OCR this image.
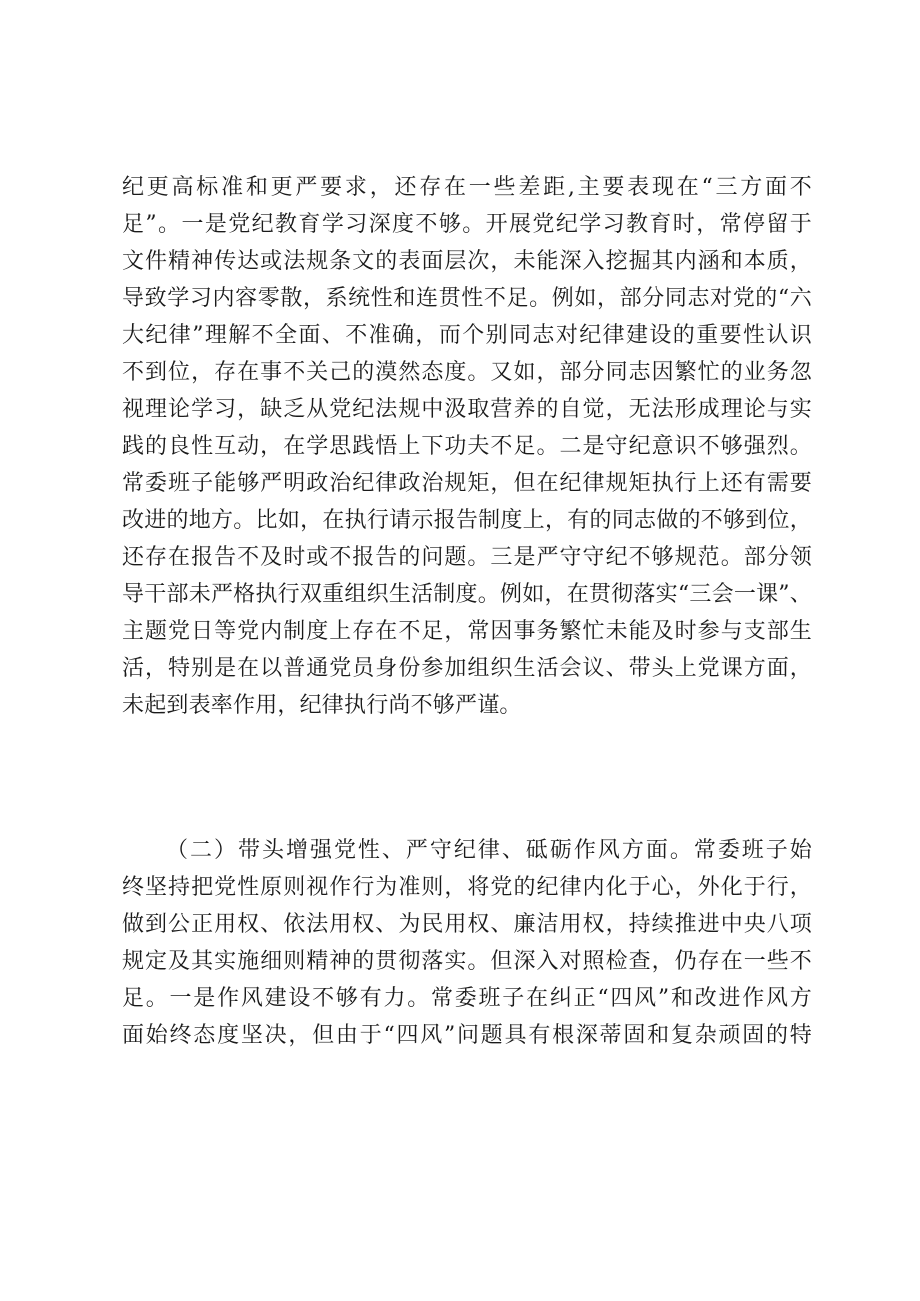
纪更高标准和更严要求，还存在一些差距,主要表现在“三方面不
足”。一是党纪教育学习深度不够。开展党纪学习教育时，常停留于
文件精神传达或法规条文的表面层次，未能深入挖掘其内涵和本质，
导致学习内容零散，系统性和连贯性不足。例如，部分同志对党的“六
大纪律”理解不全面、不准确，而个别同志对纪律建设的重要性认识
不到位，存在事不关己的漠然态度。又如，部分同志因繁忙的业务忽
视理论学习，缺乏从党纪法规中汲取营养的自觉，无法形成理论与实
践的良性互动，在学思践悟上下功夫不足。二是守纪意识不够强烈。
常委班子能够严明政治纪律政治规矩，但在纪律规矩执行上还有需要
改进的地方。比如，在执行请示报告制度上，有的同志做的不够到位，
还存在报告不及时或不报告的问题。三是严守守纪不够规范。部分领
导干部未严格执行双重组织生活制度。例如，在贯彻落实“三会一课”、
主题党日等党内制度上存在不足，常因事务繁忙未能及时参与支部生
活，特别是在以普通党员身份参加组织生活会议、带头上党课方面，
未起到表率作用，纪律执行尚不够严谨。
（二）带头增强党性、严守纪律、砥砺作风方面。常委班子始
终坚持把党性原则视作行为准则，将党的纪律内化于心，外化于行，
做到公正用权、依法用权、为民用权、廉洁用权，持续推进中央八项
规定及其实施细则精神的贯彻落实。但深入对照检查，仍存在一些不
足。一是作风建设不够有力。常委班子在纠正“四风”和改进作风方
面始终态度坚决，但由于“四风”问题具有根深蒂固和复杂顽固的特
